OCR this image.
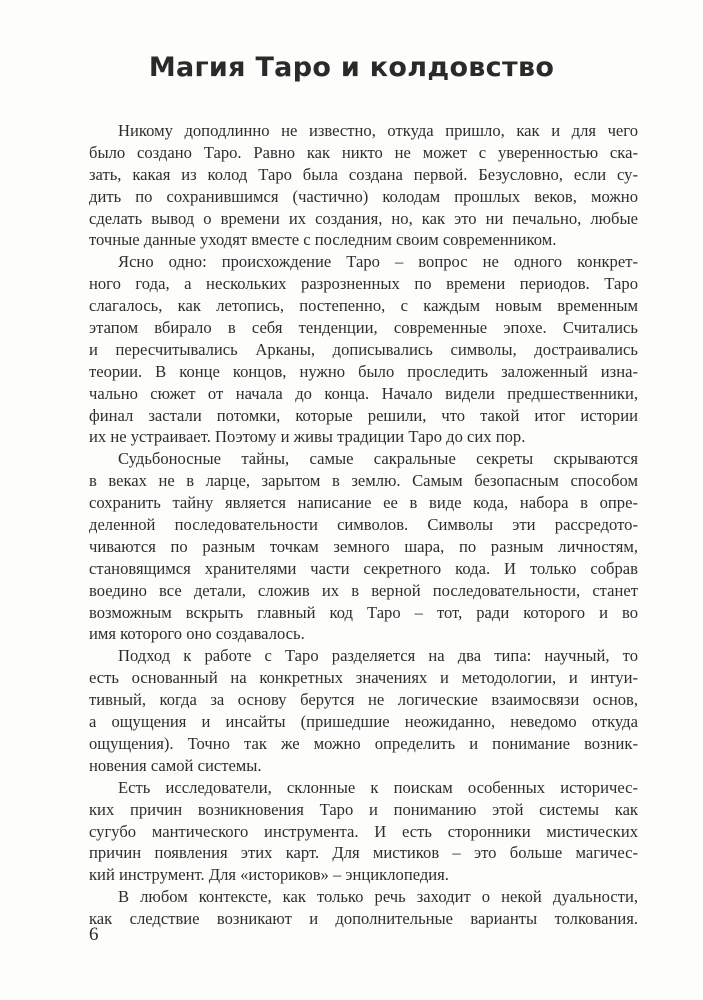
Магия Таро и колдовство
Никому доподлинно не известно, откуда пришло, как и для чего
было создано Таро. Равно как никто не может с уверенностью ска-
зать, какая из колод Таро была создана первой. Безусловно, если су-
дить по сохранившимся (частично) колодам прошлых веков, можно
сделать вывод о времени их создания, но, как это ни печально, любые
точные данные уходят вместе с последним своим современником.
Ясно одно: происхождение Таро – вопрос не одного конкрет-
ного года, а нескольких разрозненных по времени периодов. Таро
слагалось, как летопись, постепенно, с каждым новым временным
этапом вбирало в себя тенденции, современные эпохе. Считались
и пересчитывались Арканы, дописывались символы, достраивались
теории. В конце концов, нужно было проследить заложенный изна-
чально сюжет от начала до конца. Начало видели предшественники,
финал застали потомки, которые решили, что такой итог истории
их не устраивает. Поэтому и живы традиции Таро до сих пор.
Судьбоносные тайны, самые сакральные секреты скрываются
в веках не в ларце, зарытом в землю. Самым безопасным способом
сохранить тайну является написание ее в виде кода, набора в опре-
деленной последовательности символов. Символы эти рассредото-
чиваются по разным точкам земного шара, по разным личностям,
становящимся хранителями части секретного кода. И только собрав
воедино все детали, сложив их в верной последовательности, станет
возможным вскрыть главный код Таро – тот, ради которого и во
имя которого оно создавалось.
Подход к работе с Таро разделяется на два типа: научный, то
есть основанный на конкретных значениях и методологии, и интуи-
тивный, когда за основу берутся не логические взаимосвязи основ,
а ощущения и инсайты (пришедшие неожиданно, неведомо откуда
ощущения). Точно так же можно определить и понимание возник-
новения самой системы.
Есть исследователи, склонные к поискам особенных историчес-
ких причин возникновения Таро и пониманию этой системы как
сугубо мантического инструмента. И есть сторонники мистических
причин появления этих карт. Для мистиков – это больше магичес-
кий инструмент. Для «историков» – энциклопедия.
В любом контексте, как только речь заходит о некой дуальности,
как следствие возникают и дополнительные варианты толкования.
6
